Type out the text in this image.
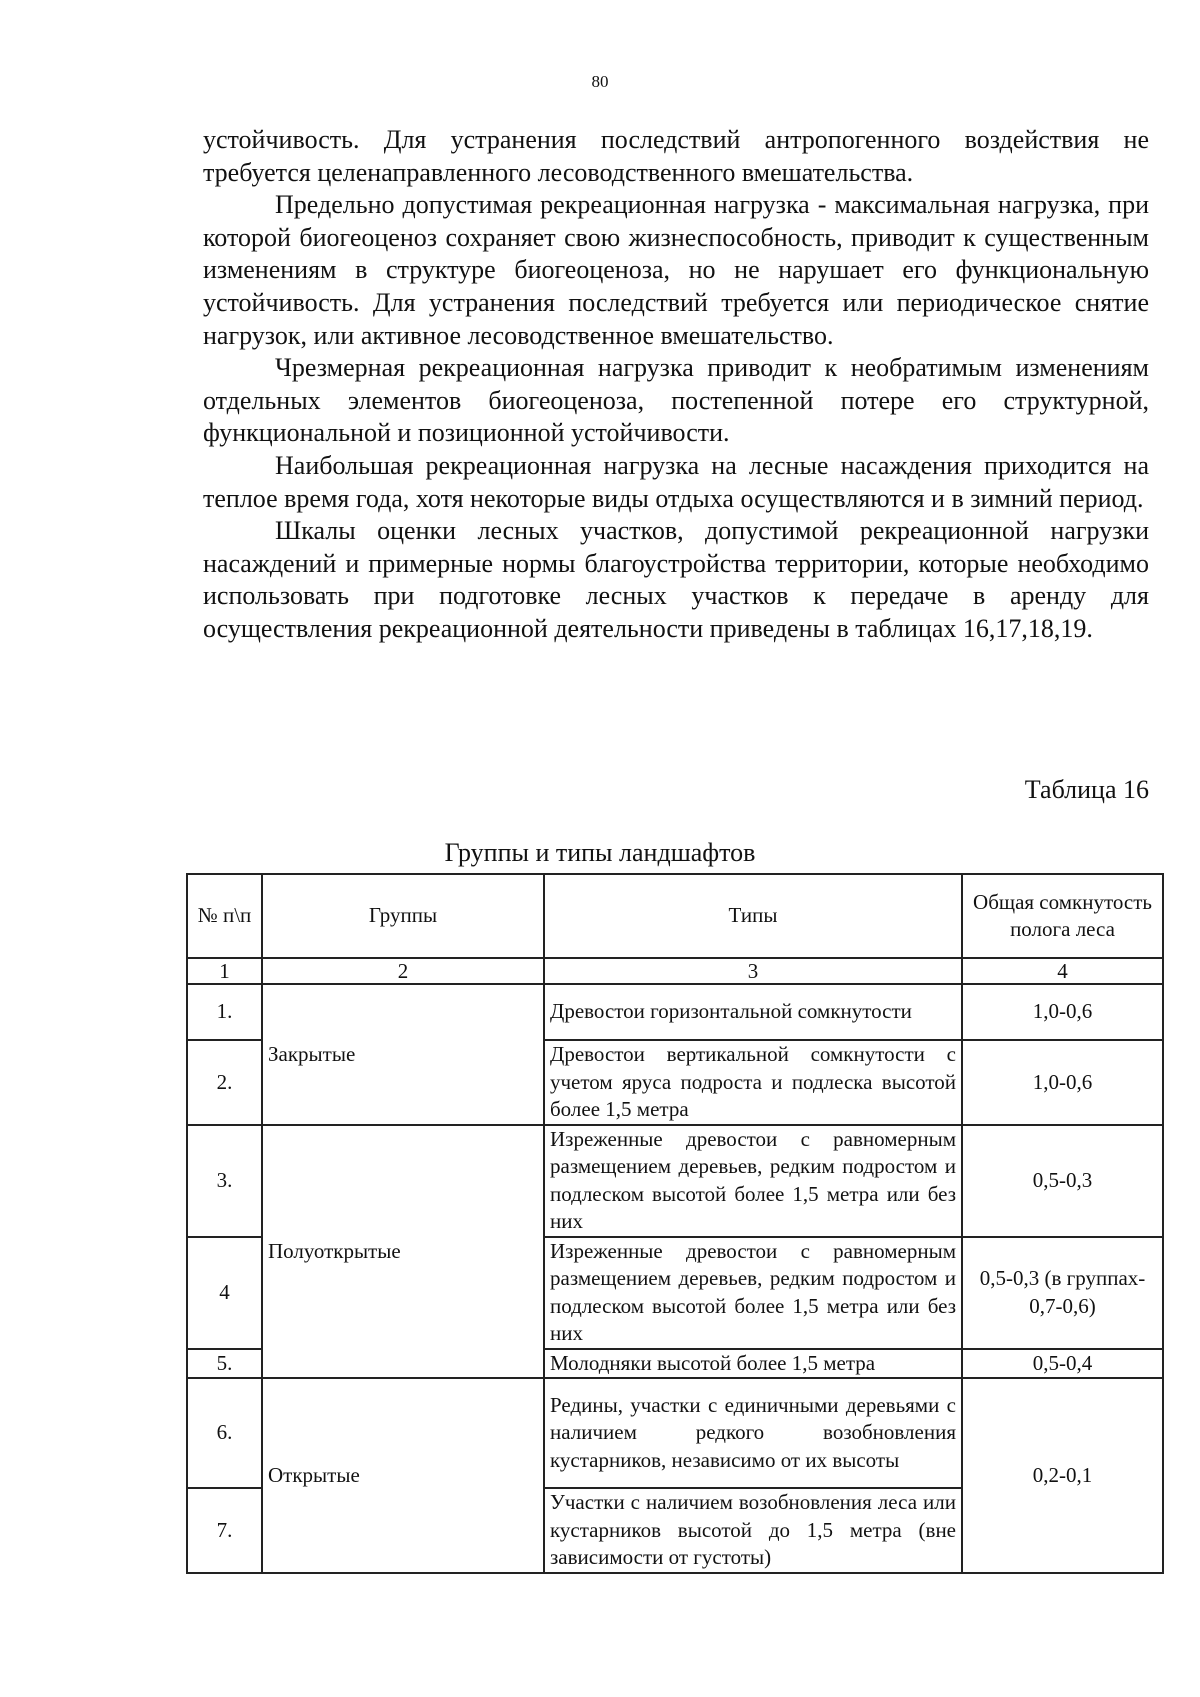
80

устойчивость. Для устранения последствий антропогенного воздействия не требуется целенаправленного лесоводственного вмешательства.

Предельно допустимая рекреационная нагрузка - максимальная нагрузка, при которой биогеоценоз сохраняет свою жизнеспособность, приводит к существенным изменениям в структуре биогеоценоза, но не нарушает его функциональную устойчивость. Для устранения последствий требуется или периодическое снятие нагрузок, или активное лесоводственное вмешательство.

Чрезмерная рекреационная нагрузка приводит к необратимым изменениям отдельных элементов биогеоценоза, постепенной потере его структурной, функциональной и позиционной устойчивости.

Наибольшая рекреационная нагрузка на лесные насаждения приходится на теплое время года, хотя некоторые виды отдыха осуществляются и в зимний период.

Шкалы оценки лесных участков, допустимой рекреационной нагрузки насаждений и примерные нормы благоустройства территории, которые необходимо использовать при подготовке лесных участков к передаче в аренду для осуществления рекреационной деятельности приведены в таблицах 16,17,18,19.

Таблица 16
Группы и типы ландшафтов
№ п\п	Группы	Типы	Общая сомкнутость полога леса
1	2	3	4
1.	Закрытые	Древостои горизонтальной сомкнутости	1,0-0,6
2.		Древостои вертикальной сомкнутости с учетом яруса подроста и подлеска высотой более 1,5 метра	1,0-0,6
3.	Полуоткрытые	Изреженные древостои с равномерным размещением деревьев, редким подростом и подлеском высотой более 1,5 метра или без них	0,5-0,3
4		Изреженные древостои с равномерным размещением деревьев, редким подростом и подлеском высотой более 1,5 метра или без них	0,5-0,3 (в группах- 0,7-0,6)
5.		Молодняки высотой более 1,5 метра	0,5-0,4
6.	Открытые	Редины, участки с единичными деревьями с наличием редкого возобновления кустарников, независимо от их высоты	0,2-0,1
7.		Участки с наличием возобновления леса или кустарников высотой до 1,5 метра (вне зависимости от густоты)	
